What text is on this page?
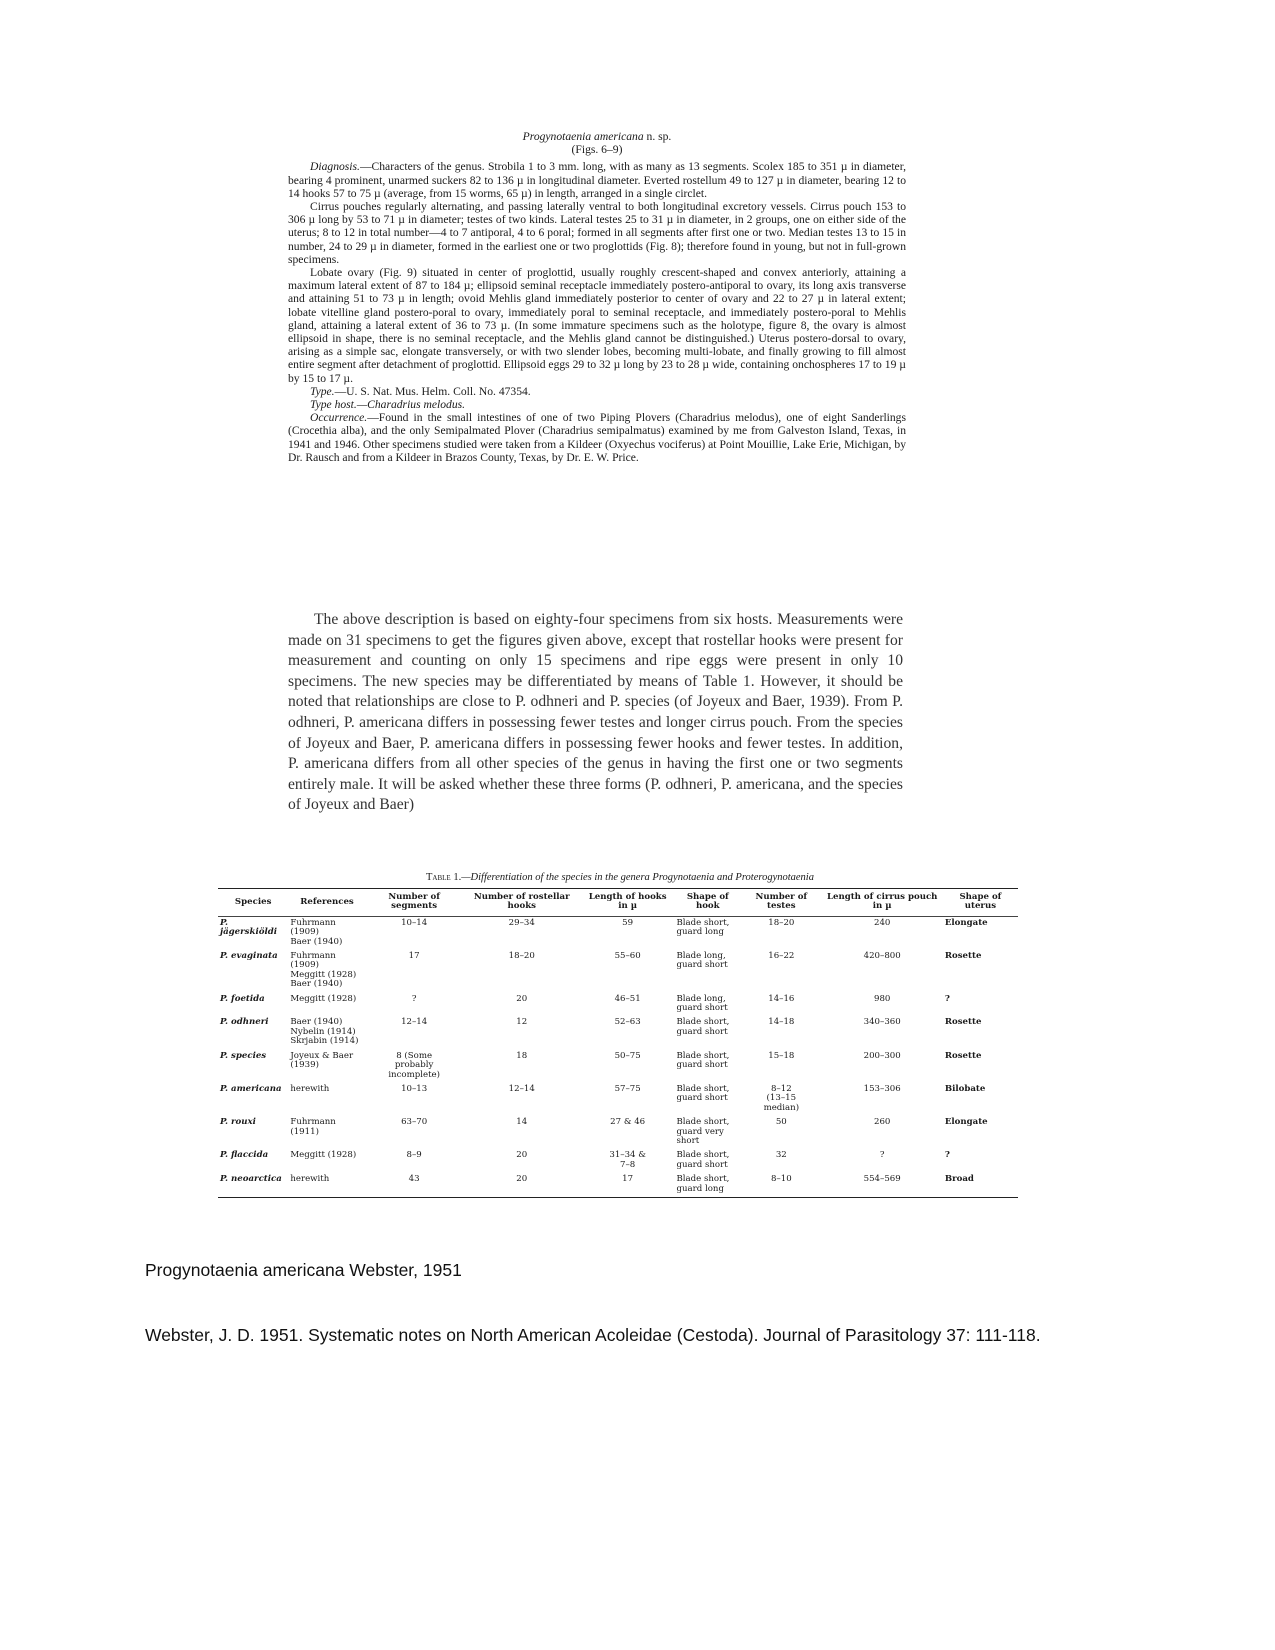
Progynotaenia americana n. sp.
(Figs. 6–9)

Diagnosis.—Characters of the genus. Strobila 1 to 3 mm. long, with as many as 13 segments. Scolex 185 to 351 µ in diameter, bearing 4 prominent, unarmed suckers 82 to 136 µ in longitudinal diameter. Everted rostellum 49 to 127 µ in diameter, bearing 12 to 14 hooks 57 to 75 µ (average, from 15 worms, 65 µ) in length, arranged in a single circlet.

Cirrus pouches regularly alternating, and passing laterally ventral to both longitudinal excretory vessels. Cirrus pouch 153 to 306 µ long by 53 to 71 µ in diameter; testes of two kinds. Lateral testes 25 to 31 µ in diameter, in 2 groups, one on either side of the uterus; 8 to 12 in total number—4 to 7 antiporal, 4 to 6 poral; formed in all segments after first one or two. Median testes 13 to 15 in number, 24 to 29 µ in diameter, formed in the earliest one or two proglottids (Fig. 8); therefore found in young, but not in full-grown specimens.

Lobate ovary (Fig. 9) situated in center of proglottid, usually roughly crescent-shaped and convex anteriorly, attaining a maximum lateral extent of 87 to 184 µ; ellipsoid seminal receptacle immediately postero-antiporal to ovary, its long axis transverse and attaining 51 to 73 µ in length; ovoid Mehlis gland immediately posterior to center of ovary and 22 to 27 µ in lateral extent; lobate vitelline gland postero-poral to ovary, immediately poral to seminal receptacle, and immediately postero-poral to Mehlis gland, attaining a lateral extent of 36 to 73 µ. (In some immature specimens such as the holotype, figure 8, the ovary is almost ellipsoid in shape, there is no seminal receptacle, and the Mehlis gland cannot be distinguished.) Uterus postero-dorsal to ovary, arising as a simple sac, elongate transversely, or with two slender lobes, becoming multi-lobate, and finally growing to fill almost entire segment after detachment of proglottid. Ellipsoid eggs 29 to 32 µ long by 23 to 28 µ wide, containing onchospheres 17 to 19 µ by 15 to 17 µ.

Type.—U. S. Nat. Mus. Helm. Coll. No. 47354.

Type host.—Charadrius melodus.

Occurrence.—Found in the small intestines of one of two Piping Plovers (Charadrius melodus), one of eight Sanderlings (Crocethia alba), and the only Semipalmated Plover (Charadrius semipalmatus) examined by me from Galveston Island, Texas, in 1941 and 1946. Other specimens studied were taken from a Kildeer (Oxyechus vociferus) at Point Mouillie, Lake Erie, Michigan, by Dr. Rausch and from a Kildeer in Brazos County, Texas, by Dr. E. W. Price.

The above description is based on eighty-four specimens from six hosts. Measurements were made on 31 specimens to get the figures given above, except that rostellar hooks were present for measurement and counting on only 15 specimens and ripe eggs were present in only 10 specimens. The new species may be differentiated by means of Table 1. However, it should be noted that relationships are close to P. odhneri and P. species (of Joyeux and Baer, 1939). From P. odhneri, P. americana differs in possessing fewer testes and longer cirrus pouch. From the species of Joyeux and Baer, P. americana differs in possessing fewer hooks and fewer testes. In addition, P. americana differs from all other species of the genus in having the first one or two segments entirely male. It will be asked whether these three forms (P. odhneri, P. americana, and the species of Joyeux and Baer)

Table 1.—Differentiation of the species in the genera Progynotaenia and Proterogynotaenia
Species	References	Number of segments	Number of rostellar hooks	Length of hooks in µ	Shape of hook	Number of testes	Length of cirrus pouch in µ	Shape of uterus
P. jägerskiöldi	Fuhrmann (1909)
Baer (1940)	10–14	29–34	59	Blade short,
guard long	18–20	240	Elongate
P. evaginata	Fuhrmann (1909)
Meggitt (1928)
Baer (1940)	17	18–20	55–60	Blade long,
guard short	16–22	420–800	Rosette
P. foetida	Meggitt (1928)	?	20	46–51	Blade long,
guard short	14–16	980	?
P. odhneri	Baer (1940)
Nybelin (1914)
Skrjabin (1914)	12–14	12	52–63	Blade short,
guard short	14–18	340–360	Rosette
P. species	Joyeux & Baer
(1939)	8 (Some
probably
incomplete)	18	50–75	Blade short,
guard short	15–18	200–300	Rosette
P. americana	herewith	10–13	12–14	57–75	Blade short,
guard short	8–12
(13–15
median)	153–306	Bilobate
P. rouxi	Fuhrmann (1911)	63–70	14	27 & 46	Blade short,
guard very
short	50	260	Elongate
P. flaccida	Meggitt (1928)	8–9	20	31–34 &
7–8	Blade short,
guard short	32	?	?
P. neoarctica	herewith	43	20	17	Blade short,
guard long	8–10	554–569	Broad
Progynotaenia americana Webster, 1951
Webster, J. D. 1951. Systematic notes on North American Acoleidae (Cestoda). Journal of Parasitology 37: 111-118.
